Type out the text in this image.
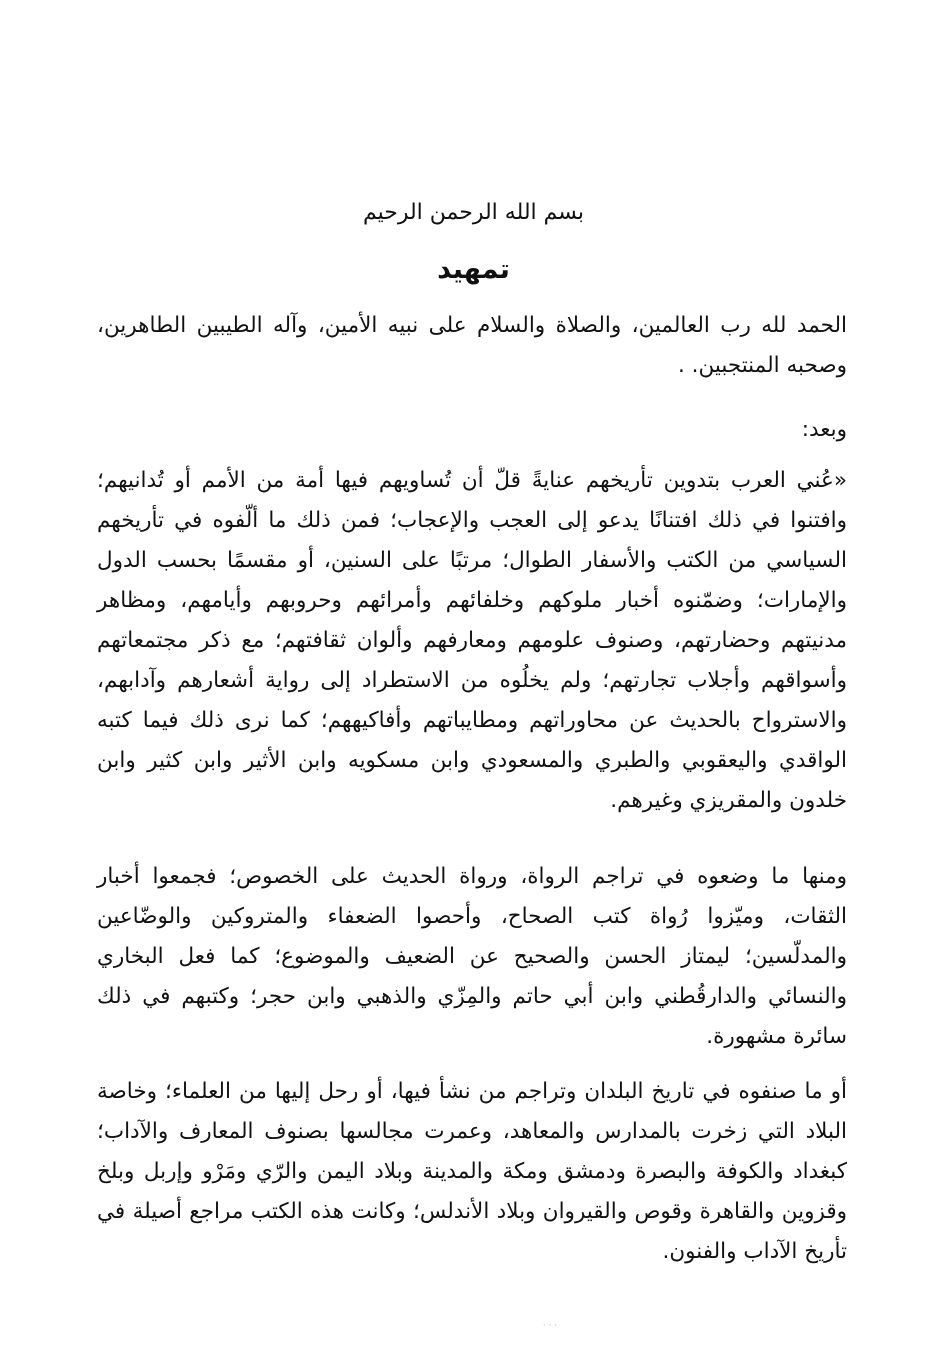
بسم الله الرحمن الرحيم
تمهيد
الحمد لله رب العالمين، والصلاة والسلام على نبيه الأمين، وآله الطيبين الطاهرين، وصحبه المنتجبين. .
وبعد:
«عُني العرب بتدوين تأريخهم عنايةً قلّ أن تُساويهم فيها أمة من الأمم أو تُدانيهم؛ وافتنوا في ذلك افتنانًا يدعو إلى العجب والإعجاب؛ فمن ذلك ما ألّفوه في تأريخهم السياسي من الكتب والأسفار الطوال؛ مرتبًا على السنين، أو مقسمًا بحسب الدول والإمارات؛ وضمّنوه أخبار ملوكهم وخلفائهم وأمرائهم وحروبهم وأيامهم، ومظاهر مدنيتهم وحضارتهم، وصنوف علومهم ومعارفهم وألوان ثقافتهم؛ مع ذكر مجتمعاتهم وأسواقهم وأجلاب تجارتهم؛ ولم يخلُوه من الاستطراد إلى رواية أشعارهم وآدابهم، والاسترواح بالحديث عن محاوراتهم ومطايباتهم وأفاكيههم؛ كما نرى ذلك فيما كتبه الواقدي واليعقوبي والطبري والمسعودي وابن مسكويه وابن الأثير وابن كثير وابن خلدون والمقريزي وغيرهم.
ومنها ما وضعوه في تراجم الرواة، ورواة الحديث على الخصوص؛ فجمعوا أخبار الثقات، وميّزوا رُواة كتب الصحاح، وأحصوا الضعفاء والمتروكين والوضّاعين والمدلّسين؛ ليمتاز الحسن والصحيح عن الضعيف والموضوع؛ كما فعل البخاري والنسائي والدارقُطني وابن أبي حاتم والمِزّي والذهبي وابن حجر؛ وكتبهم في ذلك سائرة مشهورة.
أو ما صنفوه في تاريخ البلدان وتراجم من نشأ فيها، أو رحل إليها من العلماء؛ وخاصة البلاد التي زخرت بالمدارس والمعاهد، وعمرت مجالسها بصنوف المعارف والآداب؛ كبغداد والكوفة والبصرة ودمشق ومكة والمدينة وبلاد اليمن والرّي ومَرْو وإربل وبلخ وقزوين والقاهرة وقوص والقيروان وبلاد الأندلس؛ وكانت هذه الكتب مراجع أصيلة في تأريخ الآداب والفنون.
· · ·
